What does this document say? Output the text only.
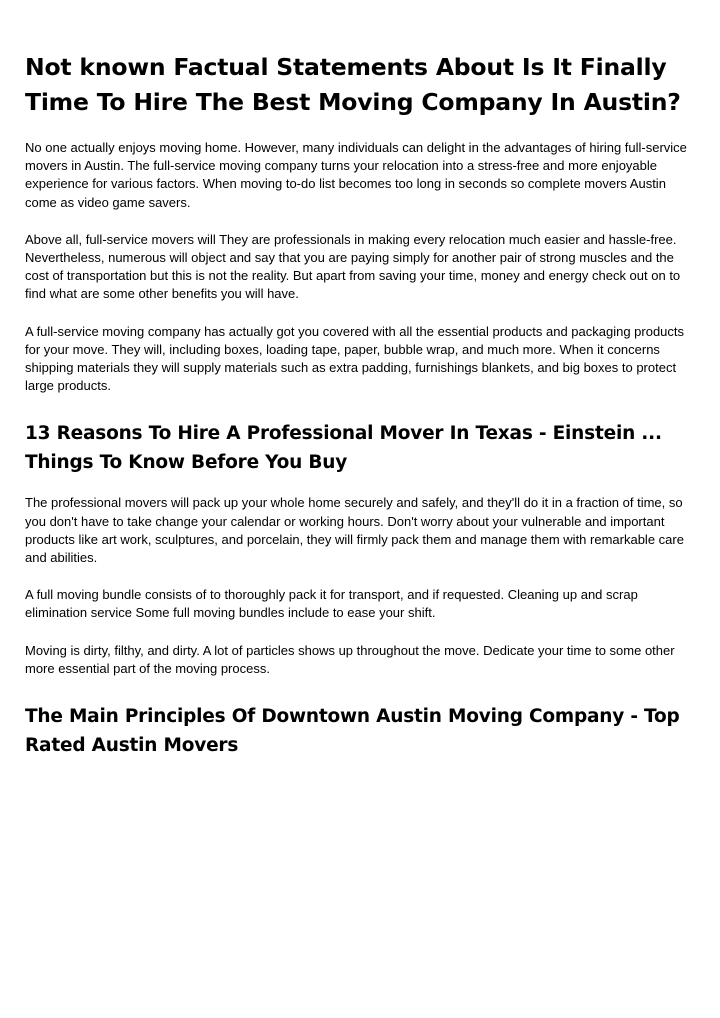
Not known Factual Statements About Is It Finally Time To Hire The Best Moving Company In Austin?

No one actually enjoys moving home. However, many individuals can delight in the advantages of hiring full-service movers in Austin. The full-service moving company turns your relocation into a stress-free and more enjoyable experience for various factors. When moving to-do list becomes too long in seconds so complete movers Austin come as video game savers.

Above all, full-service movers will They are professionals in making every relocation much easier and hassle-free. Nevertheless, numerous will object and say that you are paying simply for another pair of strong muscles and the cost of transportation but this is not the reality. But apart from saving your time, money and energy check out on to find what are some other benefits you will have.

A full-service moving company has actually got you covered with all the essential products and packaging products for your move. They will, including boxes, loading tape, paper, bubble wrap, and much more. When it concerns shipping materials they will supply materials such as extra padding, furnishings blankets, and big boxes to protect large products.

13 Reasons To Hire A Professional Mover In Texas - Einstein ... Things To Know Before You Buy

The professional movers will pack up your whole home securely and safely, and they'll do it in a fraction of time, so you don't have to take change your calendar or working hours. Don't worry about your vulnerable and important products like art work, sculptures, and porcelain, they will firmly pack them and manage them with remarkable care and abilities.

A full moving bundle consists of to thoroughly pack it for transport, and if requested. Cleaning up and scrap elimination service Some full moving bundles include to ease your shift.

Moving is dirty, filthy, and dirty. A lot of particles shows up throughout the move. Dedicate your time to some other more essential part of the moving process.

The Main Principles Of Downtown Austin Moving Company - Top Rated Austin Movers
